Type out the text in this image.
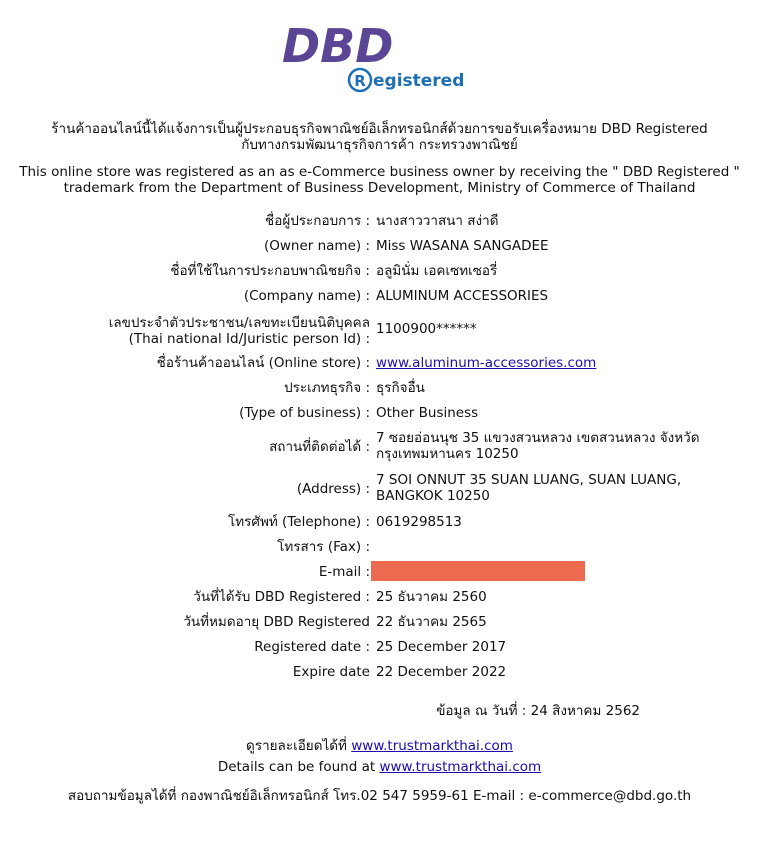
DBD
R egistered
ร้านค้าออนไลน์นี้ได้แจ้งการเป็นผู้ประกอบธุรกิจพาณิชย์อิเล็กทรอนิกส์ด้วยการขอรับเครื่องหมาย DBD Registered
กับทางกรมพัฒนาธุรกิจการค้า กระทรวงพาณิชย์
This online store was registered as an as e-Commerce business owner by receiving the " DBD Registered "
trademark from the Department of Business Development, Ministry of Commerce of Thailand
ชื่อผู้ประกอบการ : นางสาววาสนา สง่าดี
(Owner name) : Miss WASANA SANGADEE
ชื่อที่ใช้ในการประกอบพาณิชยกิจ : อลูมินั่ม เอคเซทเซอรี่
(Company name) : ALUMINUM ACCESSORIES
เลขประจำตัวประชาชน/เลขทะเบียนนิติบุคคล
(Thai national Id/Juristic person Id) :
1100900******
ชื่อร้านค้าออนไลน์ (Online store) : www.aluminum-accessories.com
ประเภทธุรกิจ : ธุรกิจอื่น
(Type of business) : Other Business
สถานที่ติดต่อได้ :
7 ซอยอ่อนนุช 35 แขวงสวนหลวง เขตสวนหลวง จังหวัด
กรุงเทพมหานคร 10250
(Address) :
7 SOI ONNUT 35 SUAN LUANG, SUAN LUANG,
BANGKOK 10250
โทรศัพท์ (Telephone) : 0619298513
โทรสาร (Fax) :
E-mail :
วันที่ได้รับ DBD Registered : 25 ธันวาคม 2560
วันที่หมดอายุ DBD Registered 22 ธันวาคม 2565
Registered date : 25 December 2017
Expire date 22 December 2022
ข้อมูล ณ วันที่ : 24 สิงหาคม 2562
ดูรายละเอียดได้ที่ www.trustmarkthai.com
Details can be found at www.trustmarkthai.com
สอบถามข้อมูลได้ที่ กองพาณิชย์อิเล็กทรอนิกส์ โทร.02 547 5959-61 E-mail : e-commerce@dbd.go.th
